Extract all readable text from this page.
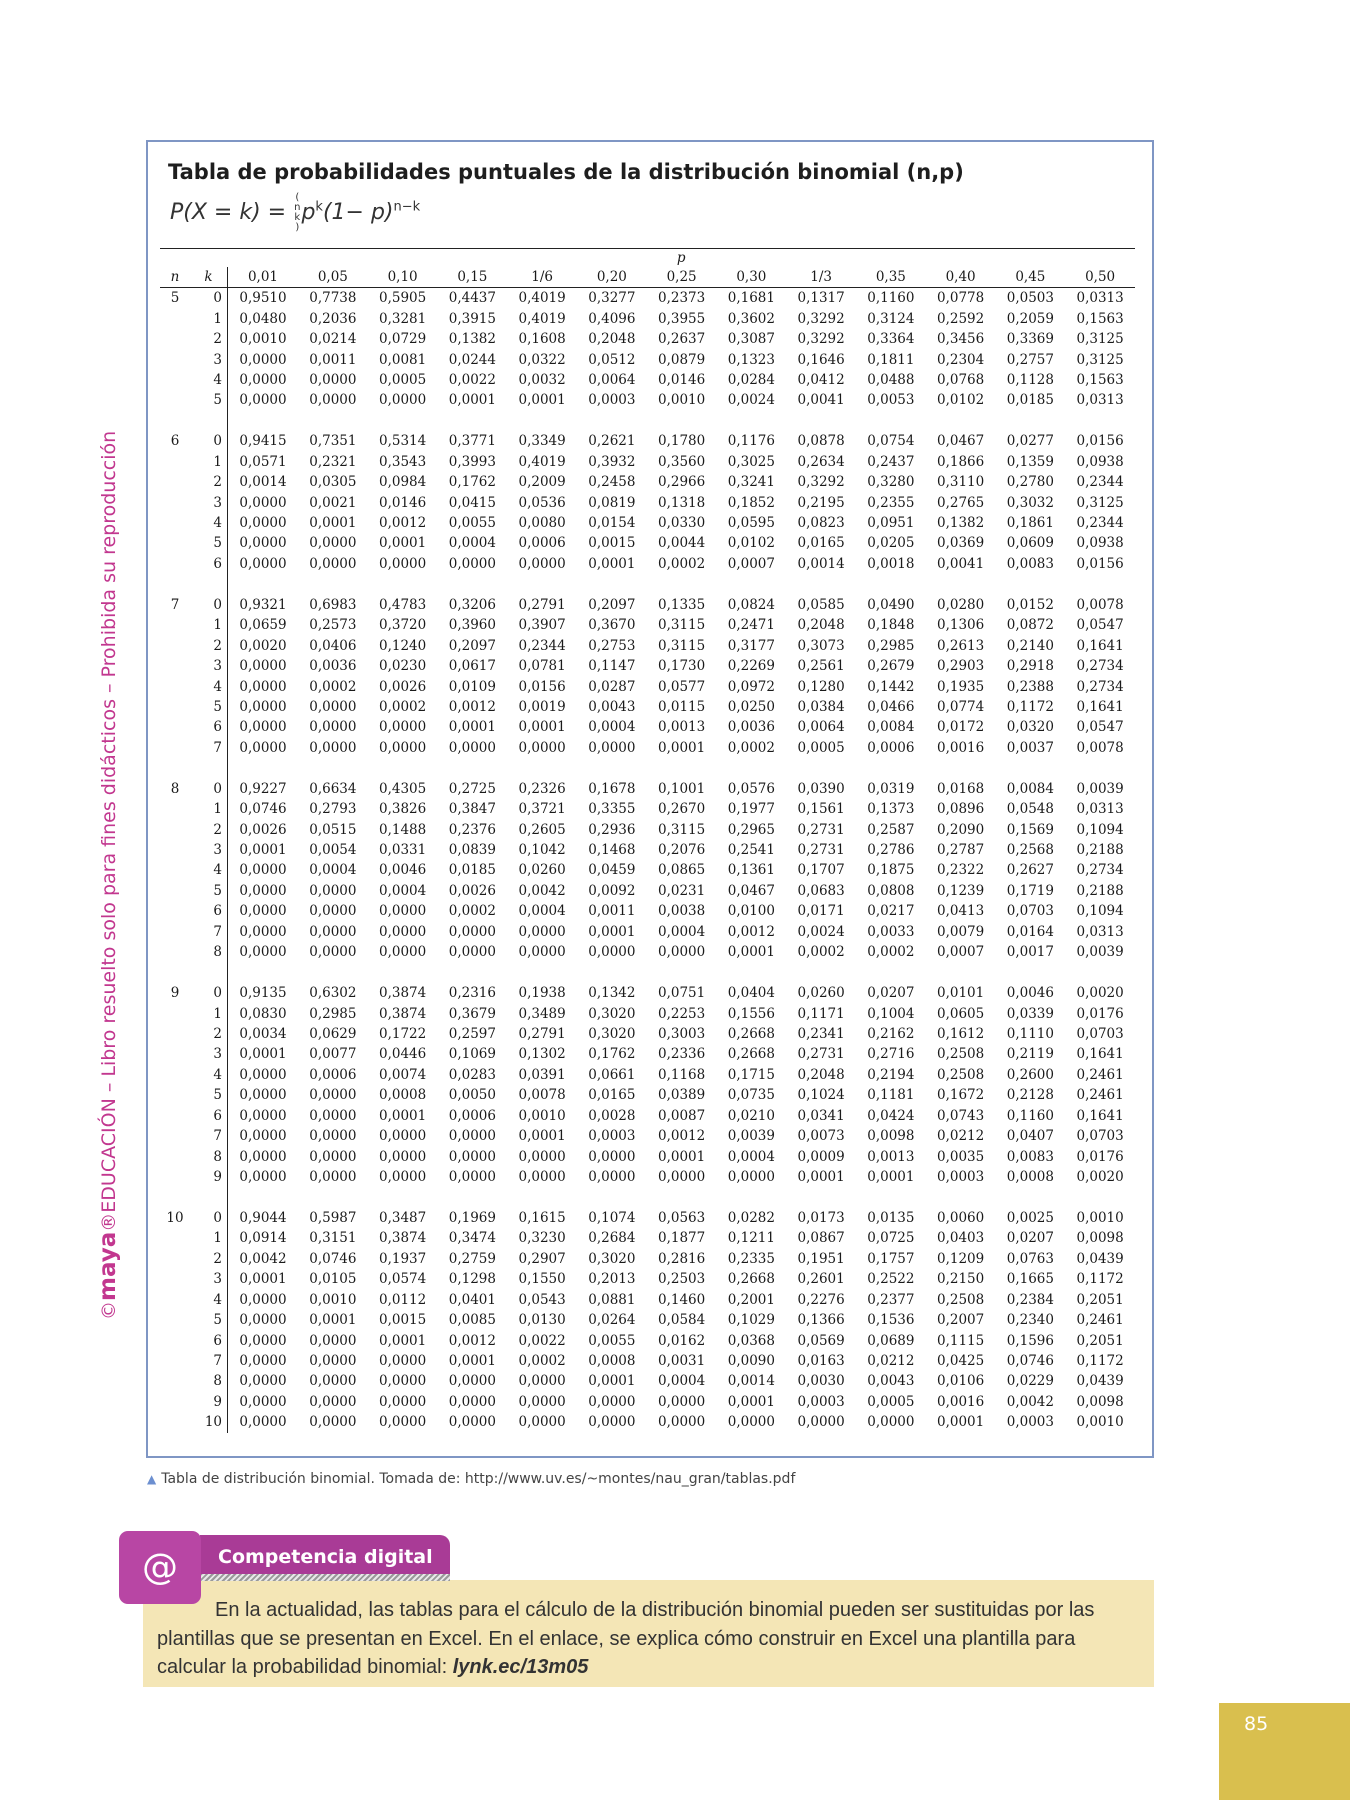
©maya®EDUCACIÓN – Libro resuelto solo para fines didácticos – Prohibida su reproducción
Tabla de probabilidades puntuales de la distribución binomial (n,p)
P(X = k) = (
n
k
)$p^k(1- p)^{n-k}$
		p												
n	k	0,01	0,05	0,10	0,15	1/6	0,20	0,25	0,30	1/3	0,35	0,40	0,45	0,50
5	0	0,9510	0,7738	0,5905	0,4437	0,4019	0,3277	0,2373	0,1681	0,1317	0,1160	0,0778	0,0503	0,0313
	1	0,0480	0,2036	0,3281	0,3915	0,4019	0,4096	0,3955	0,3602	0,3292	0,3124	0,2592	0,2059	0,1563
	2	0,0010	0,0214	0,0729	0,1382	0,1608	0,2048	0,2637	0,3087	0,3292	0,3364	0,3456	0,3369	0,3125
	3	0,0000	0,0011	0,0081	0,0244	0,0322	0,0512	0,0879	0,1323	0,1646	0,1811	0,2304	0,2757	0,3125
	4	0,0000	0,0000	0,0005	0,0022	0,0032	0,0064	0,0146	0,0284	0,0412	0,0488	0,0768	0,1128	0,1563
	5	0,0000	0,0000	0,0000	0,0001	0,0001	0,0003	0,0010	0,0024	0,0041	0,0053	0,0102	0,0185	0,0313

6	0	0,9415	0,7351	0,5314	0,3771	0,3349	0,2621	0,1780	0,1176	0,0878	0,0754	0,0467	0,0277	0,0156
	1	0,0571	0,2321	0,3543	0,3993	0,4019	0,3932	0,3560	0,3025	0,2634	0,2437	0,1866	0,1359	0,0938
	2	0,0014	0,0305	0,0984	0,1762	0,2009	0,2458	0,2966	0,3241	0,3292	0,3280	0,3110	0,2780	0,2344
	3	0,0000	0,0021	0,0146	0,0415	0,0536	0,0819	0,1318	0,1852	0,2195	0,2355	0,2765	0,3032	0,3125
	4	0,0000	0,0001	0,0012	0,0055	0,0080	0,0154	0,0330	0,0595	0,0823	0,0951	0,1382	0,1861	0,2344
	5	0,0000	0,0000	0,0001	0,0004	0,0006	0,0015	0,0044	0,0102	0,0165	0,0205	0,0369	0,0609	0,0938
	6	0,0000	0,0000	0,0000	0,0000	0,0000	0,0001	0,0002	0,0007	0,0014	0,0018	0,0041	0,0083	0,0156

7	0	0,9321	0,6983	0,4783	0,3206	0,2791	0,2097	0,1335	0,0824	0,0585	0,0490	0,0280	0,0152	0,0078
	1	0,0659	0,2573	0,3720	0,3960	0,3907	0,3670	0,3115	0,2471	0,2048	0,1848	0,1306	0,0872	0,0547
	2	0,0020	0,0406	0,1240	0,2097	0,2344	0,2753	0,3115	0,3177	0,3073	0,2985	0,2613	0,2140	0,1641
	3	0,0000	0,0036	0,0230	0,0617	0,0781	0,1147	0,1730	0,2269	0,2561	0,2679	0,2903	0,2918	0,2734
	4	0,0000	0,0002	0,0026	0,0109	0,0156	0,0287	0,0577	0,0972	0,1280	0,1442	0,1935	0,2388	0,2734
	5	0,0000	0,0000	0,0002	0,0012	0,0019	0,0043	0,0115	0,0250	0,0384	0,0466	0,0774	0,1172	0,1641
	6	0,0000	0,0000	0,0000	0,0001	0,0001	0,0004	0,0013	0,0036	0,0064	0,0084	0,0172	0,0320	0,0547
	7	0,0000	0,0000	0,0000	0,0000	0,0000	0,0000	0,0001	0,0002	0,0005	0,0006	0,0016	0,0037	0,0078

8	0	0,9227	0,6634	0,4305	0,2725	0,2326	0,1678	0,1001	0,0576	0,0390	0,0319	0,0168	0,0084	0,0039
	1	0,0746	0,2793	0,3826	0,3847	0,3721	0,3355	0,2670	0,1977	0,1561	0,1373	0,0896	0,0548	0,0313
	2	0,0026	0,0515	0,1488	0,2376	0,2605	0,2936	0,3115	0,2965	0,2731	0,2587	0,2090	0,1569	0,1094
	3	0,0001	0,0054	0,0331	0,0839	0,1042	0,1468	0,2076	0,2541	0,2731	0,2786	0,2787	0,2568	0,2188
	4	0,0000	0,0004	0,0046	0,0185	0,0260	0,0459	0,0865	0,1361	0,1707	0,1875	0,2322	0,2627	0,2734
	5	0,0000	0,0000	0,0004	0,0026	0,0042	0,0092	0,0231	0,0467	0,0683	0,0808	0,1239	0,1719	0,2188
	6	0,0000	0,0000	0,0000	0,0002	0,0004	0,0011	0,0038	0,0100	0,0171	0,0217	0,0413	0,0703	0,1094
	7	0,0000	0,0000	0,0000	0,0000	0,0000	0,0001	0,0004	0,0012	0,0024	0,0033	0,0079	0,0164	0,0313
	8	0,0000	0,0000	0,0000	0,0000	0,0000	0,0000	0,0000	0,0001	0,0002	0,0002	0,0007	0,0017	0,0039

9	0	0,9135	0,6302	0,3874	0,2316	0,1938	0,1342	0,0751	0,0404	0,0260	0,0207	0,0101	0,0046	0,0020
	1	0,0830	0,2985	0,3874	0,3679	0,3489	0,3020	0,2253	0,1556	0,1171	0,1004	0,0605	0,0339	0,0176
	2	0,0034	0,0629	0,1722	0,2597	0,2791	0,3020	0,3003	0,2668	0,2341	0,2162	0,1612	0,1110	0,0703
	3	0,0001	0,0077	0,0446	0,1069	0,1302	0,1762	0,2336	0,2668	0,2731	0,2716	0,2508	0,2119	0,1641
	4	0,0000	0,0006	0,0074	0,0283	0,0391	0,0661	0,1168	0,1715	0,2048	0,2194	0,2508	0,2600	0,2461
	5	0,0000	0,0000	0,0008	0,0050	0,0078	0,0165	0,0389	0,0735	0,1024	0,1181	0,1672	0,2128	0,2461
	6	0,0000	0,0000	0,0001	0,0006	0,0010	0,0028	0,0087	0,0210	0,0341	0,0424	0,0743	0,1160	0,1641
	7	0,0000	0,0000	0,0000	0,0000	0,0001	0,0003	0,0012	0,0039	0,0073	0,0098	0,0212	0,0407	0,0703
	8	0,0000	0,0000	0,0000	0,0000	0,0000	0,0000	0,0001	0,0004	0,0009	0,0013	0,0035	0,0083	0,0176
	9	0,0000	0,0000	0,0000	0,0000	0,0000	0,0000	0,0000	0,0000	0,0001	0,0001	0,0003	0,0008	0,0020

10	0	0,9044	0,5987	0,3487	0,1969	0,1615	0,1074	0,0563	0,0282	0,0173	0,0135	0,0060	0,0025	0,0010
	1	0,0914	0,3151	0,3874	0,3474	0,3230	0,2684	0,1877	0,1211	0,0867	0,0725	0,0403	0,0207	0,0098
	2	0,0042	0,0746	0,1937	0,2759	0,2907	0,3020	0,2816	0,2335	0,1951	0,1757	0,1209	0,0763	0,0439
	3	0,0001	0,0105	0,0574	0,1298	0,1550	0,2013	0,2503	0,2668	0,2601	0,2522	0,2150	0,1665	0,1172
	4	0,0000	0,0010	0,0112	0,0401	0,0543	0,0881	0,1460	0,2001	0,2276	0,2377	0,2508	0,2384	0,2051
	5	0,0000	0,0001	0,0015	0,0085	0,0130	0,0264	0,0584	0,1029	0,1366	0,1536	0,2007	0,2340	0,2461
	6	0,0000	0,0000	0,0001	0,0012	0,0022	0,0055	0,0162	0,0368	0,0569	0,0689	0,1115	0,1596	0,2051
	7	0,0000	0,0000	0,0000	0,0001	0,0002	0,0008	0,0031	0,0090	0,0163	0,0212	0,0425	0,0746	0,1172
	8	0,0000	0,0000	0,0000	0,0000	0,0000	0,0001	0,0004	0,0014	0,0030	0,0043	0,0106	0,0229	0,0439
	9	0,0000	0,0000	0,0000	0,0000	0,0000	0,0000	0,0000	0,0001	0,0003	0,0005	0,0016	0,0042	0,0098
	10	0,0000	0,0000	0,0000	0,0000	0,0000	0,0000	0,0000	0,0000	0,0000	0,0000	0,0001	0,0003	0,0010
▲ Tabla de distribución binomial. Tomada de: http://www.uv.es/~montes/nau_gran/tablas.pdf
Competencia digital
@
En la actualidad, las tablas para el cálculo de la distribución binomial pueden ser sustituidas por las plantillas que se presentan en Excel. En el enlace, se explica cómo construir en Excel una plantilla para calcular la probabilidad binomial: lynk.ec/13m05
85
